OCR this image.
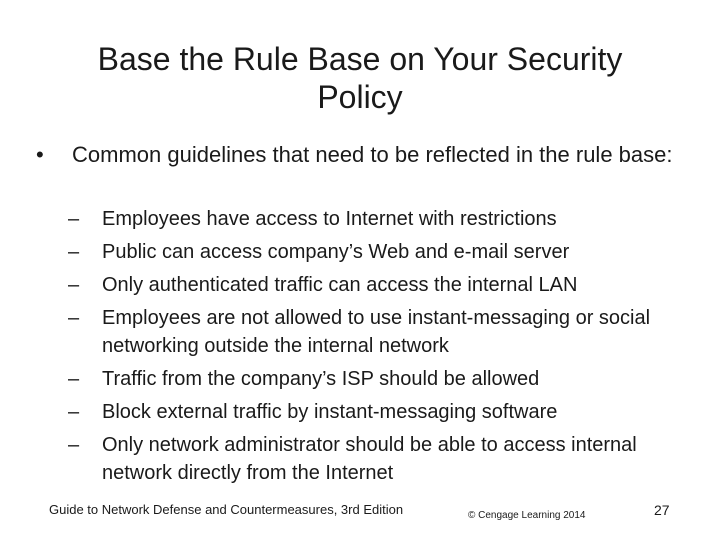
Base the Rule Base on Your Security
Policy
• Common guidelines that need to be reflected in the rule base:
– Employees have access to Internet with restrictions
– Public can access company’s Web and e-mail server
– Only authenticated traffic can access the internal LAN
– Employees are not allowed to use instant-messaging or social networking outside the internal network
– Traffic from the company’s ISP should be allowed
– Block external traffic by instant-messaging software
– Only network administrator should be able to access internal network directly from the Internet
Guide to Network Defense and Countermeasures, 3rd Edition	© Cengage Learning 2014	27
